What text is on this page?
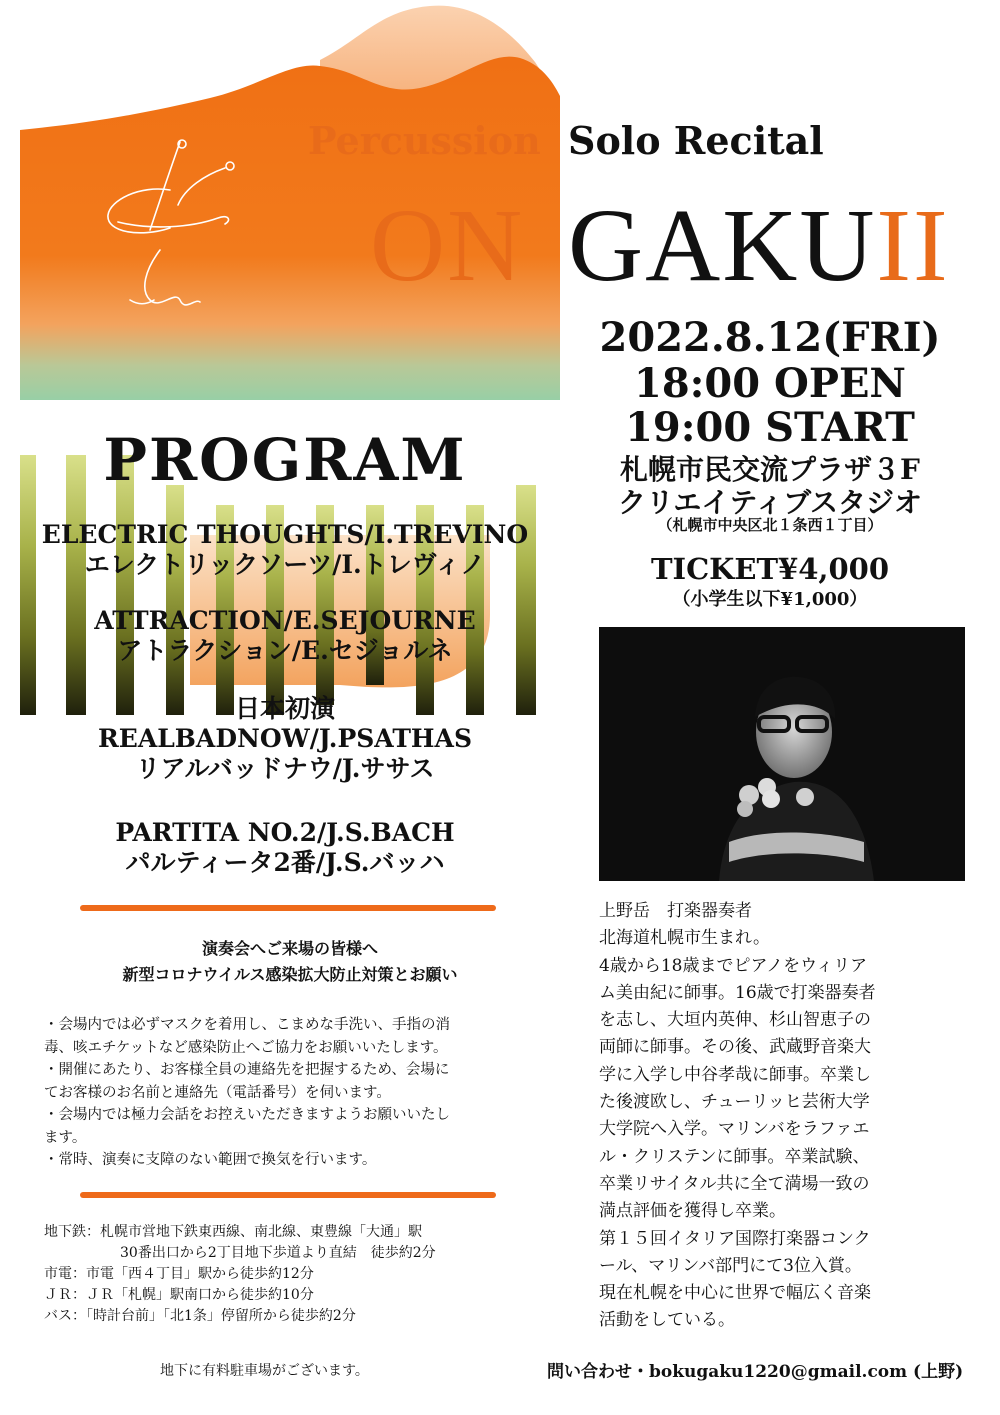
Percussion Solo Recital
ON GAKUII
2022.8.12(FRI)
18:00 OPEN
19:00 START
札幌市民交流プラザ３F
クリエイティブスタジオ
（札幌市中央区北１条西１丁目）
TICKET¥4,000
（小学生以下¥1,000）
PROGRAM
ELECTRIC THOUGHTS/I.TREVINO
エレクトリックソーツ/I.トレヴィノ
ATTRACTION/E.SEJOURNE
アトラクション/E.セジョルネ
日本初演
REALBADNOW/J.PSATHAS
リアルバッドナウ/J.ササス
PARTITA NO.2/J.S.BACH
パルティータ2番/J.S.バッハ
演奏会へご来場の皆様へ
新型コロナウイルス感染拡大防止対策とお願い

・会場内では必ずマスクを着用し、こまめな手洗い、手指の消

毒、咳エチケットなど感染防止へご協力をお願いいたします。

・開催にあたり、お客様全員の連絡先を把握するため、会場に

てお客様のお名前と連絡先（電話番号）を伺います。

・会場内では極力会話をお控えいただきますようお願いいたし

ます。

・常時、演奏に支障のない範囲で換気を行います。

地下鉄： 札幌市営地下鉄東西線、南北線、東豊線「大通」駅
30番出口から2丁目地下歩道より直結　徒歩約2分
市電：市電「西４丁目」駅から徒歩約12分
ＪＲ：ＪＲ「札幌」駅南口から徒歩約10分
バス：「時計台前」「北1条」停留所から徒歩約2分
地下に有料駐車場がございます。

上野岳　打楽器奏者

北海道札幌市生まれ。

4歳から18歳までピアノをウィリア

ム美由紀に師事。16歳で打楽器奏者

を志し、大垣内英伸、杉山智恵子の

両師に師事。その後、武蔵野音楽大

学に入学し中谷孝哉に師事。卒業し

た後渡欧し、チューリッヒ芸術大学

大学院へ入学。マリンバをラファエ

ル・クリステンに師事。卒業試験、

卒業リサイタル共に全て満場一致の

満点評価を獲得し卒業。

第１５回イタリア国際打楽器コンク

ール、マリンバ部門にて3位入賞。

現在札幌を中心に世界で幅広く音楽

活動をしている。

問い合わせ・bokugaku1220@gmail.com (上野)
